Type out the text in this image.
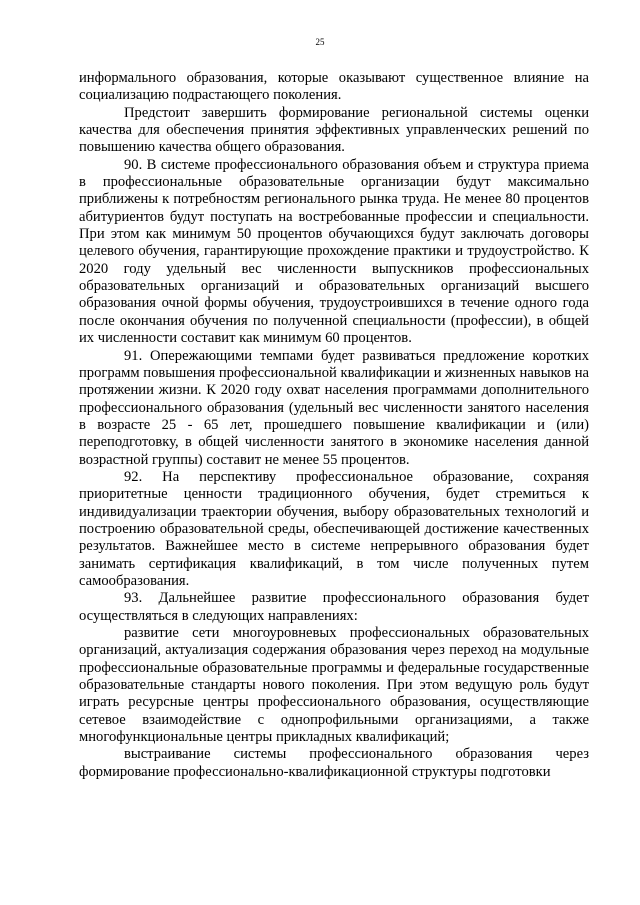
25

информального образования, которые оказывают существенное влияние на социализацию подрастающего поколения.

Предстоит завершить формирование региональной системы оценки качества для обеспечения принятия эффективных управленческих решений по повышению качества общего образования.

90. В системе профессионального образования объем и структура приема в профессиональные образовательные организации будут максимально приближены к потребностям регионального рынка труда. Не менее 80 процентов абитуриентов будут поступать на востребованные профессии и специальности. При этом как минимум 50 процентов обучающихся будут заключать договоры целевого обучения, гарантирующие прохождение практики и трудоустройство. К 2020 году удельный вес численности выпускников профессиональных образовательных организаций и образовательных организаций высшего образования очной формы обучения, трудоустроившихся в течение одного года после окончания обучения по полученной специальности (профессии), в общей их численности составит как минимум 60 процентов.

91. Опережающими темпами будет развиваться предложение коротких программ повышения профессиональной квалификации и жизненных навыков на протяжении жизни. К 2020 году охват населения программами дополнительного профессионального образования (удельный вес численности занятого населения в возрасте 25 - 65 лет, прошедшего повышение квалификации и (или) переподготовку, в общей численности занятого в экономике населения данной возрастной группы) составит не менее 55 процентов.

92. На перспективу профессиональное образование, сохраняя приоритетные ценности традиционного обучения, будет стремиться к индивидуализации траектории обучения, выбору образовательных технологий и построению образовательной среды, обеспечивающей достижение качественных результатов. Важнейшее место в системе непрерывного образования будет занимать сертификация квалификаций, в том числе полученных путем самообразования.

93. Дальнейшее развитие профессионального образования будет осуществляться в следующих направлениях:

развитие сети многоуровневых профессиональных образовательных организаций, актуализация содержания образования через переход на модульные профессиональные образовательные программы и федеральные государственные образовательные стандарты нового поколения. При этом ведущую роль будут играть ресурсные центры профессионального образования, осуществляющие сетевое взаимодействие с однопрофильными организациями, а также многофункциональные центры прикладных квалификаций;

выстраивание системы профессионального образования через формирование профессионально-квалификационной структуры подготовки
